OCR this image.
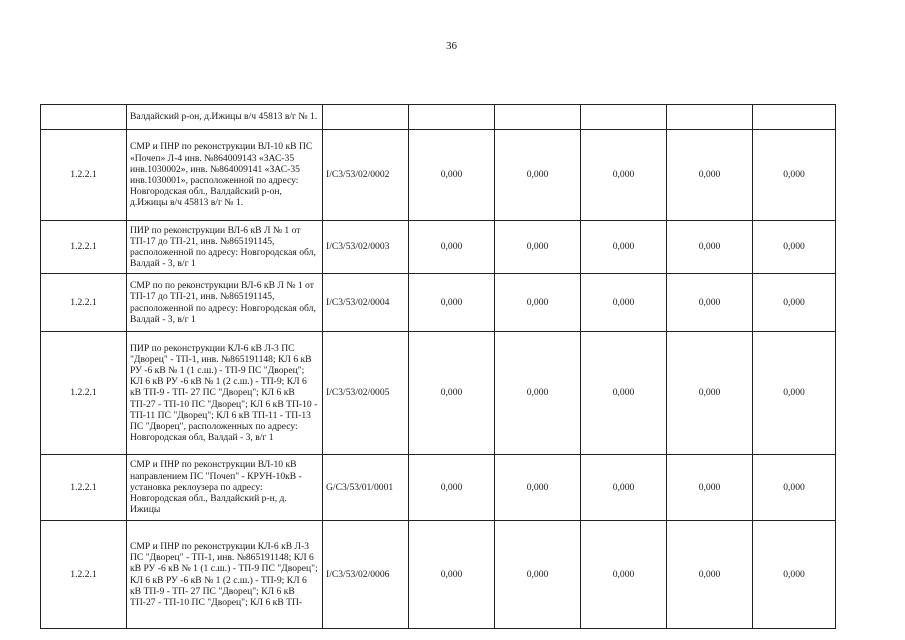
36
	Валдайский р-он, д.Ижицы в/ч 45813 в/г № 1.						
1.2.2.1	СМР и ПНР по реконструкции ВЛ-10 кВ ПС «Почеп» Л-4 инв. №864009143 «ЗАС-35 инв.1030002», инв. №864009141 «ЗАС-35 инв.1030001», расположенной по адресу: Новгородская обл., Валдайский р-он, д.Ижицы в/ч 45813 в/г № 1.	I/C3/53/02/0002	0,000	0,000	0,000	0,000	0,000
1.2.2.1	ПИР по реконструкции ВЛ-6 кВ Л № 1 от ТП-17 до ТП-21, инв. №865191145, расположенной по адресу: Новгородская обл, Валдай - 3, в/г 1	I/C3/53/02/0003	0,000	0,000	0,000	0,000	0,000
1.2.2.1	СМР по по реконструкции ВЛ-6 кВ Л № 1 от ТП-17 до ТП-21, инв. №865191145, расположенной по адресу: Новгородская обл, Валдай - 3, в/г 1	I/C3/53/02/0004	0,000	0,000	0,000	0,000	0,000
1.2.2.1	ПИР по реконструкции КЛ-6 кВ Л-3 ПС "Дворец" - ТП-1, инв. №865191148; КЛ 6 кВ РУ -6 кВ № 1 (1 с.ш.) - ТП-9 ПС "Дворец"; КЛ 6 кВ РУ -6 кВ № 1 (2 с.ш.) - ТП-9; КЛ 6 кВ ТП-9 - ТП- 27 ПС "Дворец"; КЛ 6 кВ ТП-27 - ТП-10 ПС "Дворец"; КЛ 6 кВ ТП-10 - ТП-11 ПС "Дворец"; КЛ 6 кВ ТП-11 - ТП-13 ПС "Дворец", расположенных по адресу: Новгородская обл, Валдай - 3, в/г 1	I/C3/53/02/0005	0,000	0,000	0,000	0,000	0,000
1.2.2.1	СМР и ПНР по реконструкции ВЛ-10 кВ направлением ПС "Почеп" - КРУН-10кВ - установка реклоузера по адресу: Новгородская обл., Валдайский р-н, д. Ижицы	G/C3/53/01/0001	0,000	0,000	0,000	0,000	0,000
1.2.2.1	СМР и ПНР по реконструкции КЛ-6 кВ Л-3 ПС "Дворец" - ТП-1, инв. №865191148; КЛ 6 кВ РУ -6 кВ № 1 (1 с.ш.) - ТП-9 ПС "Дворец"; КЛ 6 кВ РУ -6 кВ № 1 (2 с.ш.) - ТП-9; КЛ 6 кВ ТП-9 - ТП- 27 ПС "Дворец"; КЛ 6 кВ ТП-27 - ТП-10 ПС "Дворец"; КЛ 6 кВ ТП-	I/C3/53/02/0006	0,000	0,000	0,000	0,000	0,000
